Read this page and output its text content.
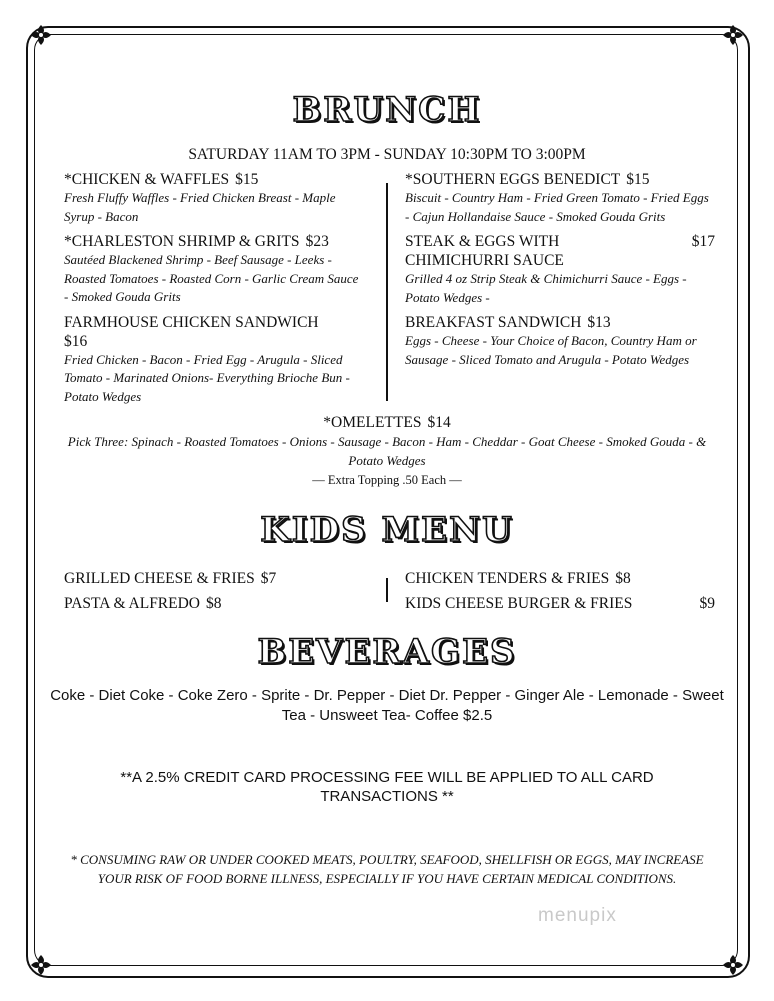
BRUNCH
SATURDAY 11AM TO 3PM - SUNDAY 10:30PM TO 3:00PM
*CHICKEN & WAFFLES $15
Fresh Fluffy Waffles - Fried Chicken Breast - Maple Syrup - Bacon
*CHARLESTON SHRIMP & GRITS $23
Sautéed Blackened Shrimp - Beef Sausage - Leeks - Roasted Tomatoes - Roasted Corn - Garlic Cream Sauce - Smoked Gouda Grits
FARMHOUSE CHICKEN SANDWICH
$16
Fried Chicken - Bacon - Fried Egg - Arugula - Sliced Tomato - Marinated Onions- Everything Brioche Bun - Potato Wedges
*SOUTHERN EGGS BENEDICT $15
Biscuit - Country Ham - Fried Green Tomato - Fried Eggs - Cajun Hollandaise Sauce - Smoked Gouda Grits
STEAK & EGGS WITH CHIMICHURRI SAUCE
$17
Grilled 4 oz Strip Steak & Chimichurri Sauce - Eggs - Potato Wedges -
BREAKFAST SANDWICH $13
Eggs - Cheese - Your Choice of Bacon, Country Ham or Sausage - Sliced Tomato and Arugula - Potato Wedges
*OMELETTES $14
Pick Three: Spinach - Roasted Tomatoes - Onions - Sausage - Bacon - Ham - Cheddar - Goat Cheese - Smoked Gouda - & Potato Wedges
— Extra Topping .50 Each —
KIDS MENU
GRILLED CHEESE & FRIES $7
PASTA & ALFREDO $8
CHICKEN TENDERS & FRIES $8
KIDS CHEESE BURGER & FRIES	$9
BEVERAGES
Coke - Diet Coke - Coke Zero - Sprite - Dr. Pepper - Diet Dr. Pepper - Ginger Ale - Lemonade - Sweet Tea - Unsweet Tea- Coffee $2.5
**A 2.5% CREDIT CARD PROCESSING FEE WILL BE APPLIED TO ALL CARD TRANSACTIONS **
* CONSUMING RAW OR UNDER COOKED MEATS, POULTRY, SEAFOOD, SHELLFISH OR EGGS, MAY INCREASE YOUR RISK OF FOOD BORNE ILLNESS, ESPECIALLY IF YOU HAVE CERTAIN MEDICAL CONDITIONS.
menupix
